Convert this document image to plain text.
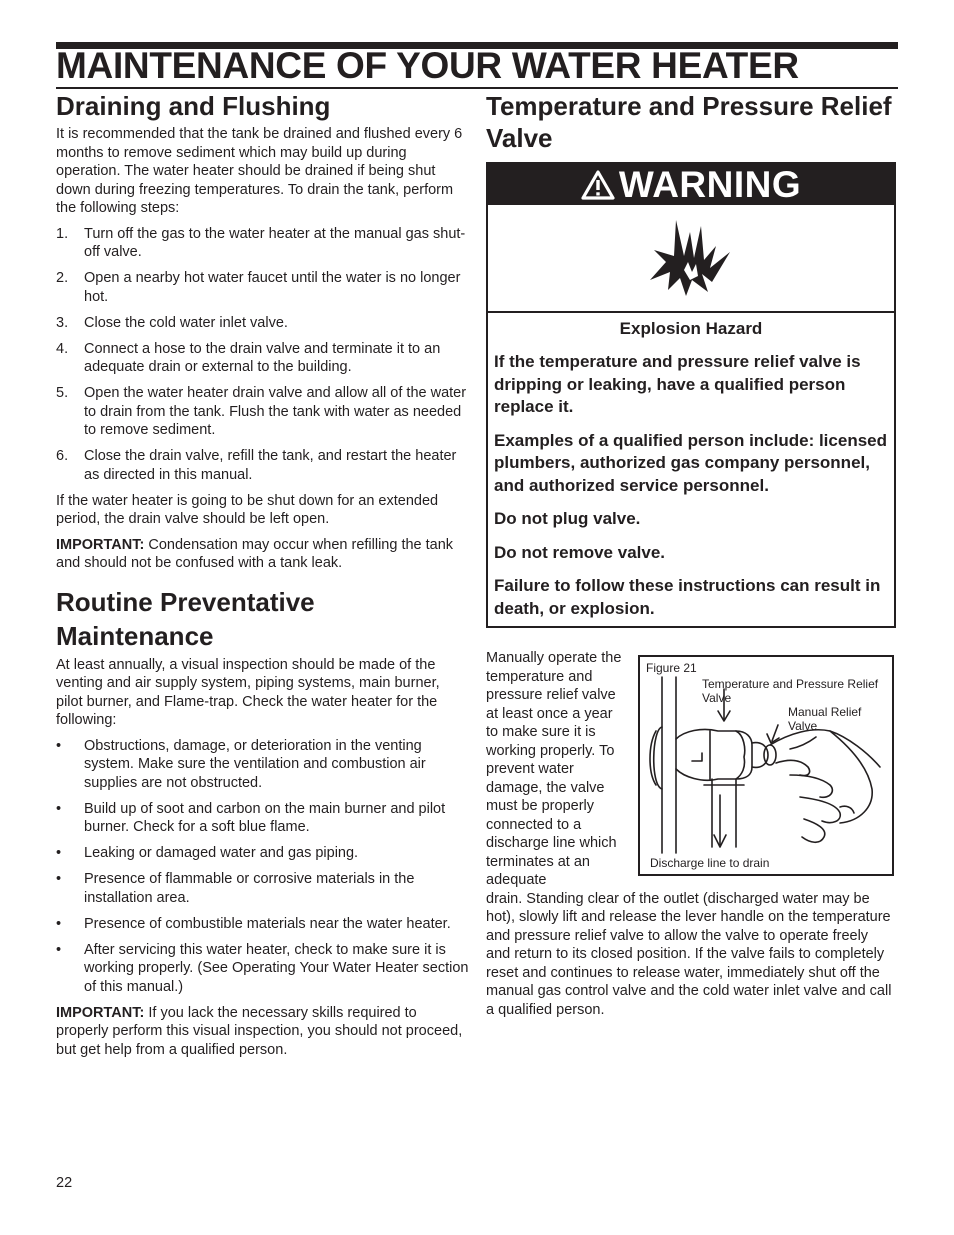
MAINTENANCE OF YOUR WATER HEATER
Draining and Flushing

It is recommended that the tank be drained and flushed every 6 months to remove sediment which may build up during operation. The water heater should be drained if being shut down during freezing temperatures. To drain the tank, perform the following steps:

1. Turn off the gas to the water heater at the manual gas shut-off valve.
2. Open a nearby hot water faucet until the water is no longer hot.
3. Close the cold water inlet valve.
4. Connect a hose to the drain valve and terminate it to an adequate drain or external to the building.
5. Open the water heater drain valve and allow all of the water to drain from the tank. Flush the tank with water as needed to remove sediment.
6. Close the drain valve, refill the tank, and restart the heater as directed in this manual.

If the water heater is going to be shut down for an extended period, the drain valve should be left open.

IMPORTANT: Condensation may occur when refilling the tank and should not be confused with a tank leak.

Routine Preventative Maintenance

At least annually, a visual inspection should be made of the venting and air supply system, piping systems, main burner, pilot burner, and Flame-trap. Check the water heater for the following:

• Obstructions, damage, or deterioration in the venting system. Make sure the ventilation and combustion air supplies are not obstructed.
• Build up of soot and carbon on the main burner and pilot burner. Check for a soft blue flame.
• Leaking or damaged water and gas piping.
• Presence of flammable or corrosive materials in the installation area.
• Presence of combustible materials near the water heater.
• After servicing this water heater, check to make sure it is working properly. (See Operating Your Water Heater section of this manual.)

IMPORTANT: If you lack the necessary skills required to properly perform this visual inspection, you should not proceed, but get help from a qualified person.

Temperature and Pressure Relief Valve
WARNING

Explosion Hazard

If the temperature and pressure relief valve is dripping or leaking, have a qualified person replace it.

Examples of a qualified person include: licensed plumbers, authorized gas company personnel, and authorized service personnel.

Do not plug valve.

Do not remove valve.

Failure to follow these instructions can result in death, or explosion.

Manually operate the temperature and pressure relief valve at least once a year to make sure it is working properly. To prevent water damage, the valve must be properly connected to a discharge line which terminates at an adequate

drain. Standing clear of the outlet (discharged water may be hot), slowly lift and release the lever handle on the temperature and pressure relief valve to allow the valve to operate freely and return to its closed position. If the valve fails to completely reset and continues to release water, immediately shut off the manual gas control valve and the cold water inlet valve and call a qualified person.

Figure 21

Temperature and Pressure Relief Valve

Manual Relief Valve

Discharge line to drain

22
